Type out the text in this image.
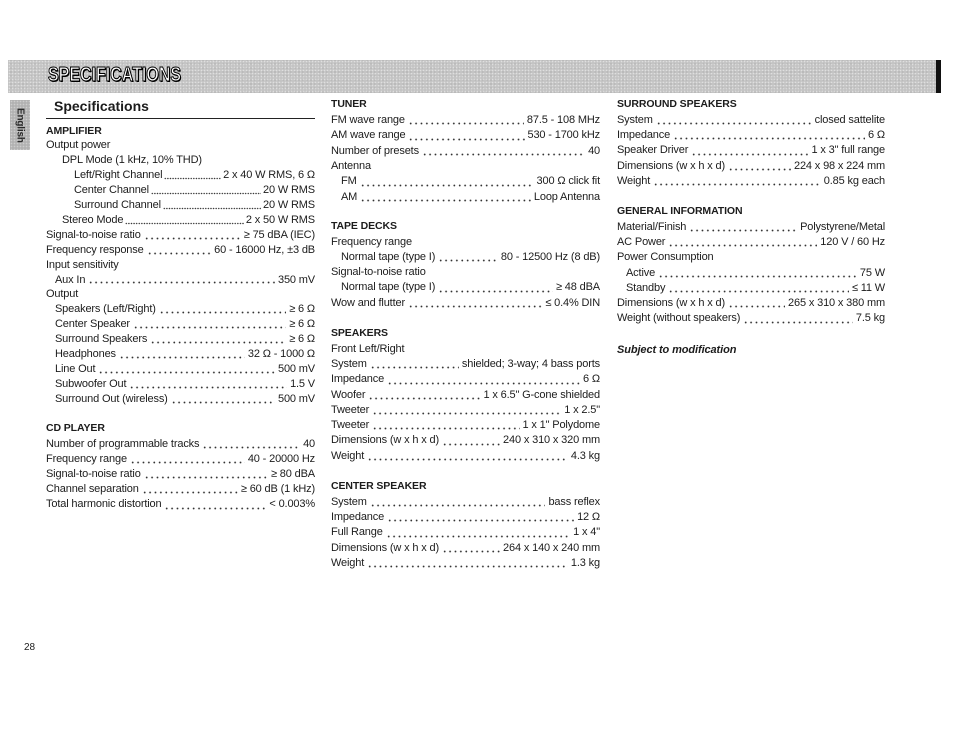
SPECIFICATIONS
English
Specifications
AMPLIFIER
Output power
DPL Mode (1 kHz, 10% THD)
Left/Right Channel	2 x 40 W RMS, 6 Ω
Center Channel	20 W RMS
Surround Channel	20 W RMS
Stereo Mode	2 x 50 W RMS
Signal-to-noise ratio	≥ 75 dBA (IEC)
Frequency response	60 - 16000 Hz, ±3 dB
Input sensitivity
Aux In	350 mV
Output
Speakers (Left/Right)	≥ 6 Ω
Center Speaker	≥ 6 Ω
Surround Speakers	≥ 6 Ω
Headphones	32 Ω - 1000 Ω
Line Out	500 mV
Subwoofer Out	1.5 V
Surround Out (wireless)	500 mV
CD PLAYER
Number of programmable tracks	40
Frequency range	40 - 20000 Hz
Signal-to-noise ratio	≥ 80 dBA
Channel separation	≥ 60 dB (1 kHz)
Total harmonic distortion	< 0.003%
TUNER
FM wave range	87.5 - 108 MHz
AM wave range	530 - 1700 kHz
Number of presets	40
Antenna
FM	300 Ω click fit
AM	Loop Antenna
TAPE DECKS
Frequency range
Normal tape (type I)	80 - 12500 Hz (8 dB)
Signal-to-noise ratio
Normal tape (type I)	≥ 48 dBA
Wow and flutter	≤ 0.4% DIN
SPEAKERS
Front Left/Right
System	shielded; 3-way; 4 bass ports
Impedance	6 Ω
Woofer	1 x 6.5" G-cone shielded
Tweeter	1 x 2.5"
Tweeter	1 x 1" Polydome
Dimensions (w x h x d)	240 x 310 x 320 mm
Weight	4.3 kg
CENTER SPEAKER
System	bass reflex
Impedance	12 Ω
Full Range	1 x 4"
Dimensions (w x h x d)	264 x 140 x 240 mm
Weight	1.3 kg
SURROUND SPEAKERS
System	closed sattelite
Impedance	6 Ω
Speaker Driver	1 x 3" full range
Dimensions (w x h x d)	224 x 98 x 224 mm
Weight	0.85 kg each
GENERAL INFORMATION
Material/Finish	Polystyrene/Metal
AC Power	120 V / 60 Hz
Power Consumption
Active	75 W
Standby	≤ 11 W
Dimensions (w x h x d)	265 x 310 x 380 mm
Weight (without speakers)	7.5 kg
Subject to modification
28
